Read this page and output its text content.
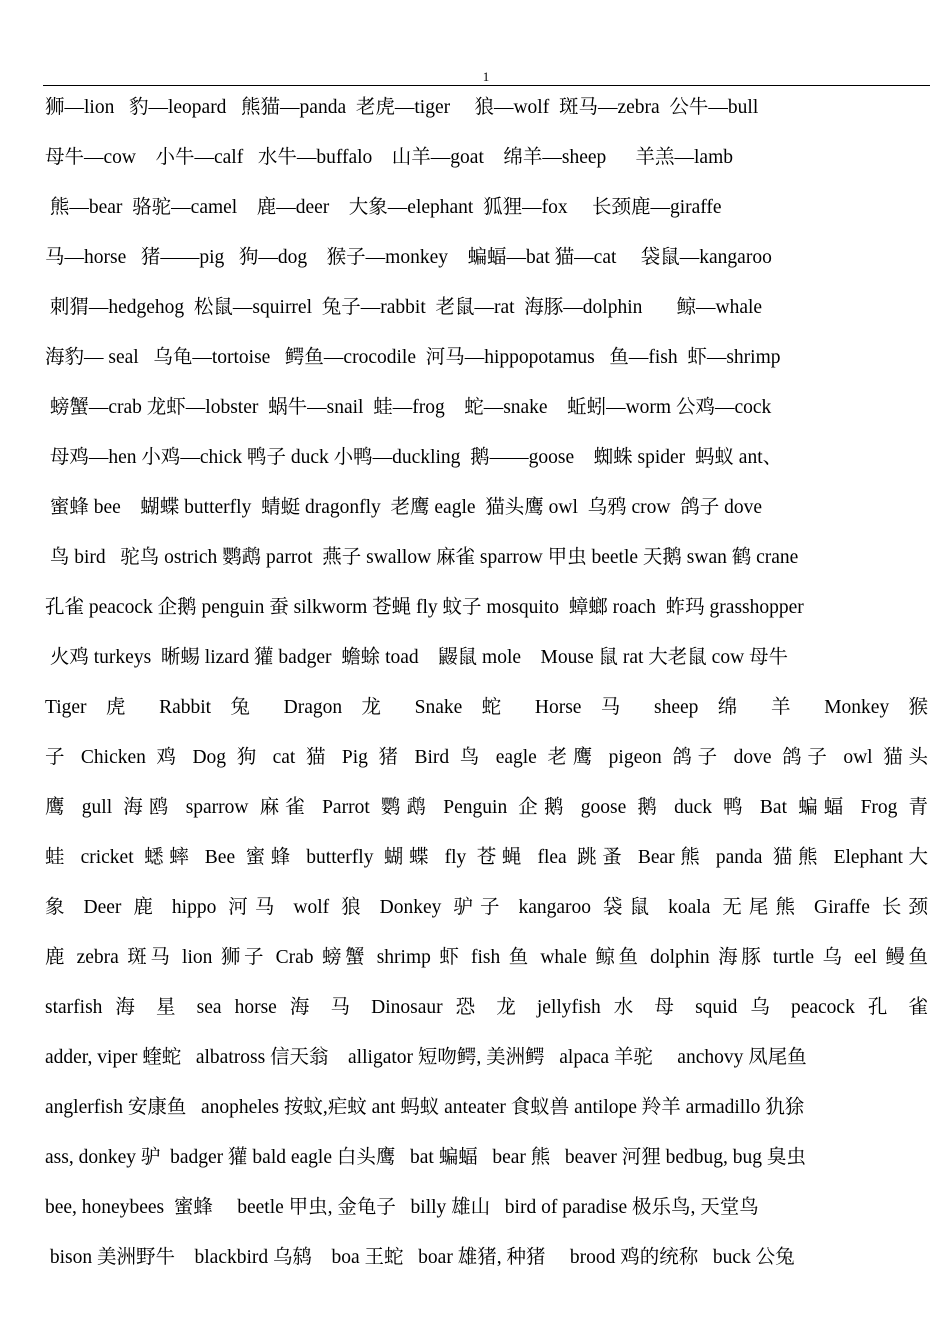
1
狮—lion   豹—leopard   熊猫—panda  老虎—tiger     狼—wolf  斑马—zebra  公牛—bull
母牛—cow    小牛—calf   水牛—buffalo    山羊—goat    绵羊—sheep      羊羔—lamb
熊—bear  骆驼—camel    鹿—deer    大象—elephant  狐狸—fox     长颈鹿—giraffe
马—horse   猪——pig   狗—dog    猴子—monkey    蝙蝠—bat 猫—cat     袋鼠—kangaroo
刺猬—hedgehog  松鼠—squirrel  兔子—rabbit  老鼠—rat  海豚—dolphin       鲸—whale
海豹— seal   乌龟—tortoise   鳄鱼—crocodile  河马—hippopotamus   鱼—fish  虾—shrimp
螃蟹—crab 龙虾—lobster  蜗牛—snail  蛙—frog    蛇—snake    蚯蚓—worm 公鸡—cock
母鸡—hen 小鸡—chick 鸭子 duck 小鸭—duckling  鹅——goose    蜘蛛 spider  蚂蚁 ant、
蜜蜂 bee    蝴蝶 butterfly  蜻蜓 dragonfly  老鹰 eagle  猫头鹰 owl  乌鸦 crow  鸽子 dove
鸟 bird   驼鸟 ostrich 鹦鹉 parrot  燕子 swallow 麻雀 sparrow 甲虫 beetle 天鹅 swan 鹤 crane
孔雀 peacock 企鹅 penguin 蚕 silkworm 苍蝇 fly 蚊子 mosquito  蟑螂 roach  蚱玛 grasshopper
火鸡 turkeys  晰蜴 lizard 獾 badger  蟾蜍 toad    鼹鼠 mole    Mouse 鼠 rat 大老鼠 cow 母牛
Tiger 虎 Rabbit 兔 Dragon 龙 Snake 蛇 Horse 马 sheep 绵 羊 Monkey 猴
子 Chicken 鸡 Dog 狗 cat 猫 Pig 猪 Bird 鸟 eagle 老鹰 pigeon 鸽子 dove 鸽子 owl 猫头
鹰 gull 海鸥 sparrow 麻雀 Parrot 鹦鹉 Penguin 企鹅 goose 鹅 duck 鸭 Bat 蝙蝠 Frog 青
蛙 cricket 蟋蟀 Bee 蜜蜂 butterfly 蝴蝶 fly 苍蝇 flea 跳蚤 Bear熊 panda 猫熊 Elephant大
象 Deer 鹿 hippo 河马 wolf 狼 Donkey 驴子 kangaroo 袋鼠 koala 无尾熊 Giraffe 长颈
鹿 zebra 斑马 lion 狮子 Crab 螃蟹 shrimp 虾 fish 鱼 whale 鲸鱼 dolphin 海豚 turtle 乌 eel 鳗鱼
starfish 海 星 sea horse 海 马 Dinosaur 恐 龙 jellyfish 水 母 squid 乌 peacock 孔 雀
adder, viper 蝰蛇   albatross 信天翁    alligator 短吻鳄, 美洲鳄   alpaca 羊驼     anchovy 凤尾鱼
anglerfish 安康鱼   anopheles 按蚊,疟蚊 ant 蚂蚁 anteater 食蚁兽 antilope 羚羊 armadillo 犰狳
ass, donkey 驴  badger 獾 bald eagle 白头鹰   bat 蝙蝠   bear 熊   beaver 河狸 bedbug, bug 臭虫
bee, honeybees  蜜蜂     beetle 甲虫, 金龟子   billy 雄山   bird of paradise 极乐鸟, 天堂鸟
bison 美洲野牛    blackbird 乌鸫    boa 王蛇   boar 雄猪, 种猪     brood 鸡的统称   buck 公兔
